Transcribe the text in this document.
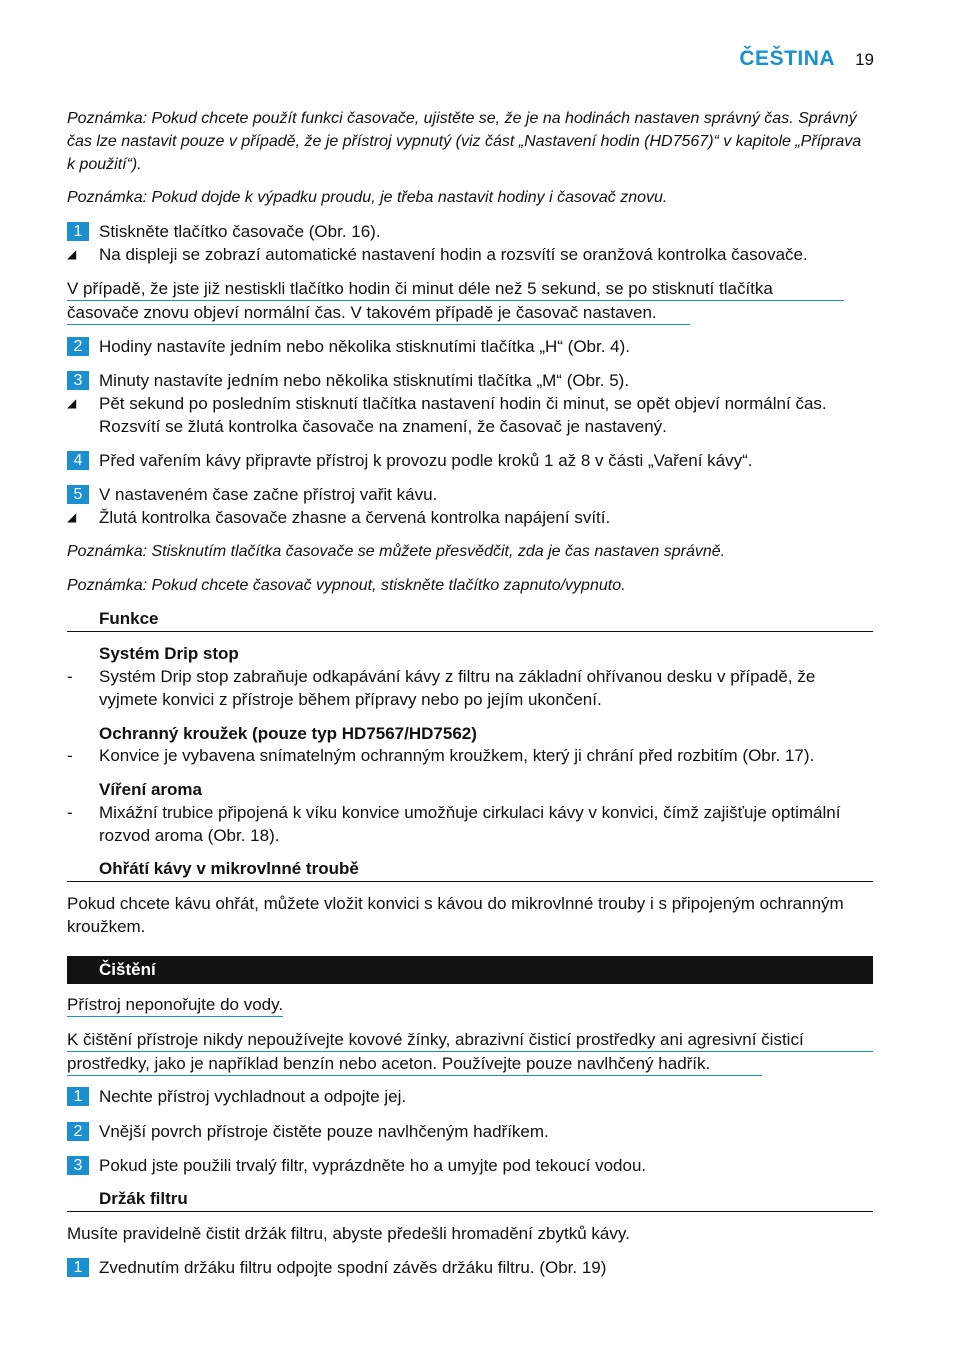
ČEŠTINA 19

Poznámka: Pokud chcete použít funkci časovače, ujistěte se, že je na hodinách nastaven správný čas. Správný čas lze nastavit pouze v případě, že je přístroj vypnutý (viz část „Nastavení hodin (HD7567)“ v kapitole „Příprava k použití“).

Poznámka: Pokud dojde k výpadku proudu, je třeba nastavit hodiny i časovač znovu.

1 Stiskněte tlačítko časovače (Obr. 16).
◢	Na displeji se zobrazí automatické nastavení hodin a rozsvítí se oranžová kontrolka časovače.
V případě, že jste již nestiskli tlačítko hodin či minut déle než 5 sekund, se po stisknutí tlačítka
časovače znovu objeví normální čas. V takovém případě je časovač nastaven.
2 Hodiny nastavíte jedním nebo několika stisknutími tlačítka „H“ (Obr. 4).
3 Minuty nastavíte jedním nebo několika stisknutími tlačítka „M“ (Obr. 5).
◢	Pět sekund po posledním stisknutí tlačítka nastavení hodin či minut, se opět objeví normální čas. Rozsvítí se žlutá kontrolka časovače na znamení, že časovač je nastavený.
4 Před vařením kávy připravte přístroj k provozu podle kroků 1 až 8 v části „Vaření kávy“.
5 V nastaveném čase začne přístroj vařit kávu.
◢	Žlutá kontrolka časovače zhasne a červená kontrolka napájení svítí.

Poznámka: Stisknutím tlačítka časovače se můžete přesvědčit, zda je čas nastaven správně.

Poznámka: Pokud chcete časovač vypnout, stiskněte tlačítko zapnuto/vypnuto.

Funkce
Systém Drip stop
-	Systém Drip stop zabraňuje odkapávání kávy z filtru na základní ohřívanou desku v případě, že vyjmete konvici z přístroje během přípravy nebo po jejím ukončení.
Ochranný kroužek (pouze typ HD7567/HD7562)
-	Konvice je vybavena snímatelným ochranným kroužkem, který ji chrání před rozbitím (Obr. 17).
Víření aroma
-	Mixážní trubice připojená k víku konvice umožňuje cirkulaci kávy v konvici, čímž zajišťuje optimální rozvod aroma (Obr. 18).
Ohřátí kávy v mikrovlnné troubě

Pokud chcete kávu ohřát, můžete vložit konvici s kávou do mikrovlnné trouby i s připojeným ochranným kroužkem.

Čištění
Přístroj neponořujte do vody.
K čištění přístroje nikdy nepoužívejte kovové žínky, abrazivní čisticí prostředky ani agresivní čisticí
prostředky, jako je například benzín nebo aceton. Používejte pouze navlhčený hadřík.
1 Nechte přístroj vychladnout a odpojte jej.
2 Vnější povrch přístroje čistěte pouze navlhčeným hadříkem.
3 Pokud jste použili trvalý filtr, vyprázdněte ho a umyjte pod tekoucí vodou.
Držák filtru

Musíte pravidelně čistit držák filtru, abyste předešli hromadění zbytků kávy.

1 Zvednutím držáku filtru odpojte spodní závěs držáku filtru. (Obr. 19)
